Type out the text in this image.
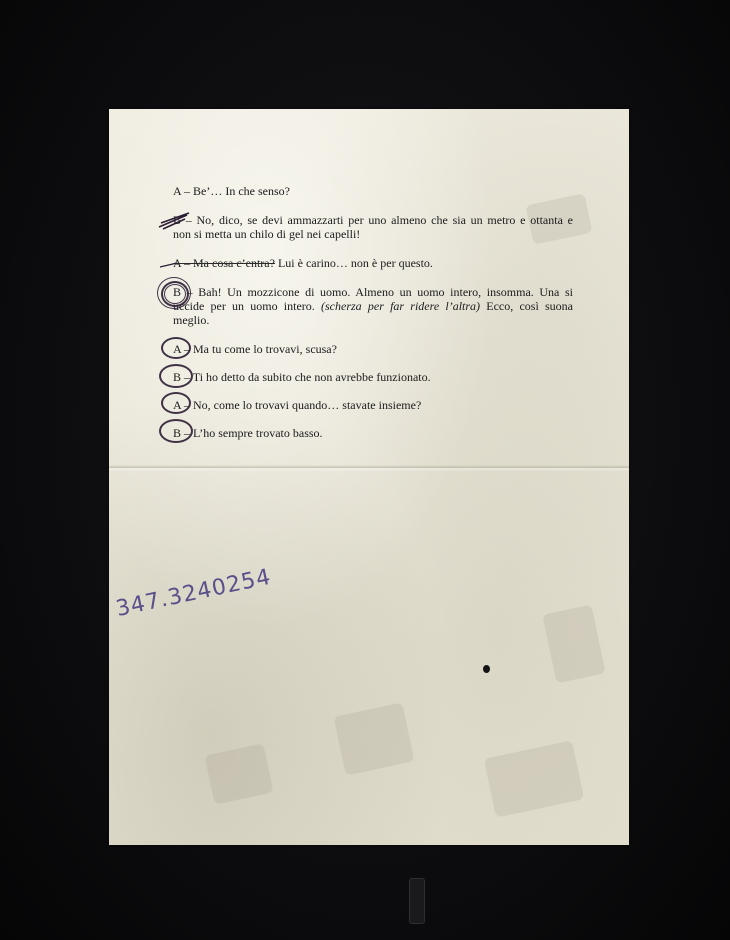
A – Be’… In che senso?
B – No, dico, se devi ammazzarti per uno almeno che sia un metro e ottanta e
non si metta un chilo di gel nei capelli!
A – Ma cosa c’entra? Lui è carino… non è per questo.
B – Bah! Un mozzicone di uomo. Almeno un uomo intero, insomma. Una si
uccide per un uomo intero. (scherza per far ridere l’altra) Ecco, così suona
meglio.
A – Ma tu come lo trovavi, scusa?
B – Ti ho detto da subito che non avrebbe funzionato.
A – No, come lo trovavi quando… stavate insieme?
B – L’ho sempre trovato basso.
347.3240254
